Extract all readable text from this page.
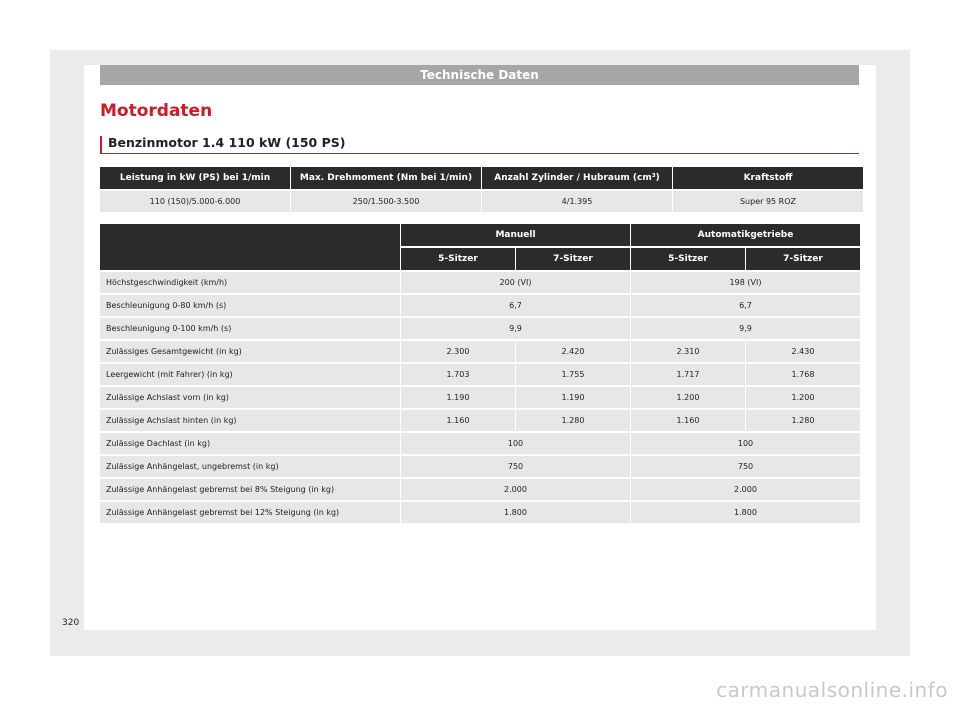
Technische Daten
Motordaten
Benzinmotor 1.4 110 kW (150 PS)
Leistung in kW (PS) bei 1/min	Max. Drehmoment (Nm bei 1/min)	Anzahl Zylinder / Hubraum (cm³)	Kraftstoff
110 (150)/5.000-6.000	250/1.500-3.500	4/1.395	Super 95 ROZ
	Manuell		Automatikgetriebe	
	5-Sitzer	7-Sitzer	5-Sitzer	7-Sitzer
Höchstgeschwindigkeit (km/h)	200 (VI)		198 (VI)	
Beschleunigung 0-80 km/h (s)	6,7		6,7	
Beschleunigung 0-100 km/h (s)	9,9		9,9	
Zulässiges Gesamtgewicht (in kg)	2.300	2.420	2.310	2.430
Leergewicht (mit Fahrer) (in kg)	1.703	1.755	1.717	1.768
Zulässige Achslast vorn (in kg)	1.190	1.190	1.200	1.200
Zulässige Achslast hinten (in kg)	1.160	1.280	1.160	1.280
Zulässige Dachlast (in kg)	100		100	
Zulässige Anhängelast, ungebremst (in kg)	750		750	
Zulässige Anhängelast gebremst bei 8% Steigung (in kg)	2.000		2.000	
Zulässige Anhängelast gebremst bei 12% Steigung (in kg)	1.800		1.800	
320
carmanualsonline.info
